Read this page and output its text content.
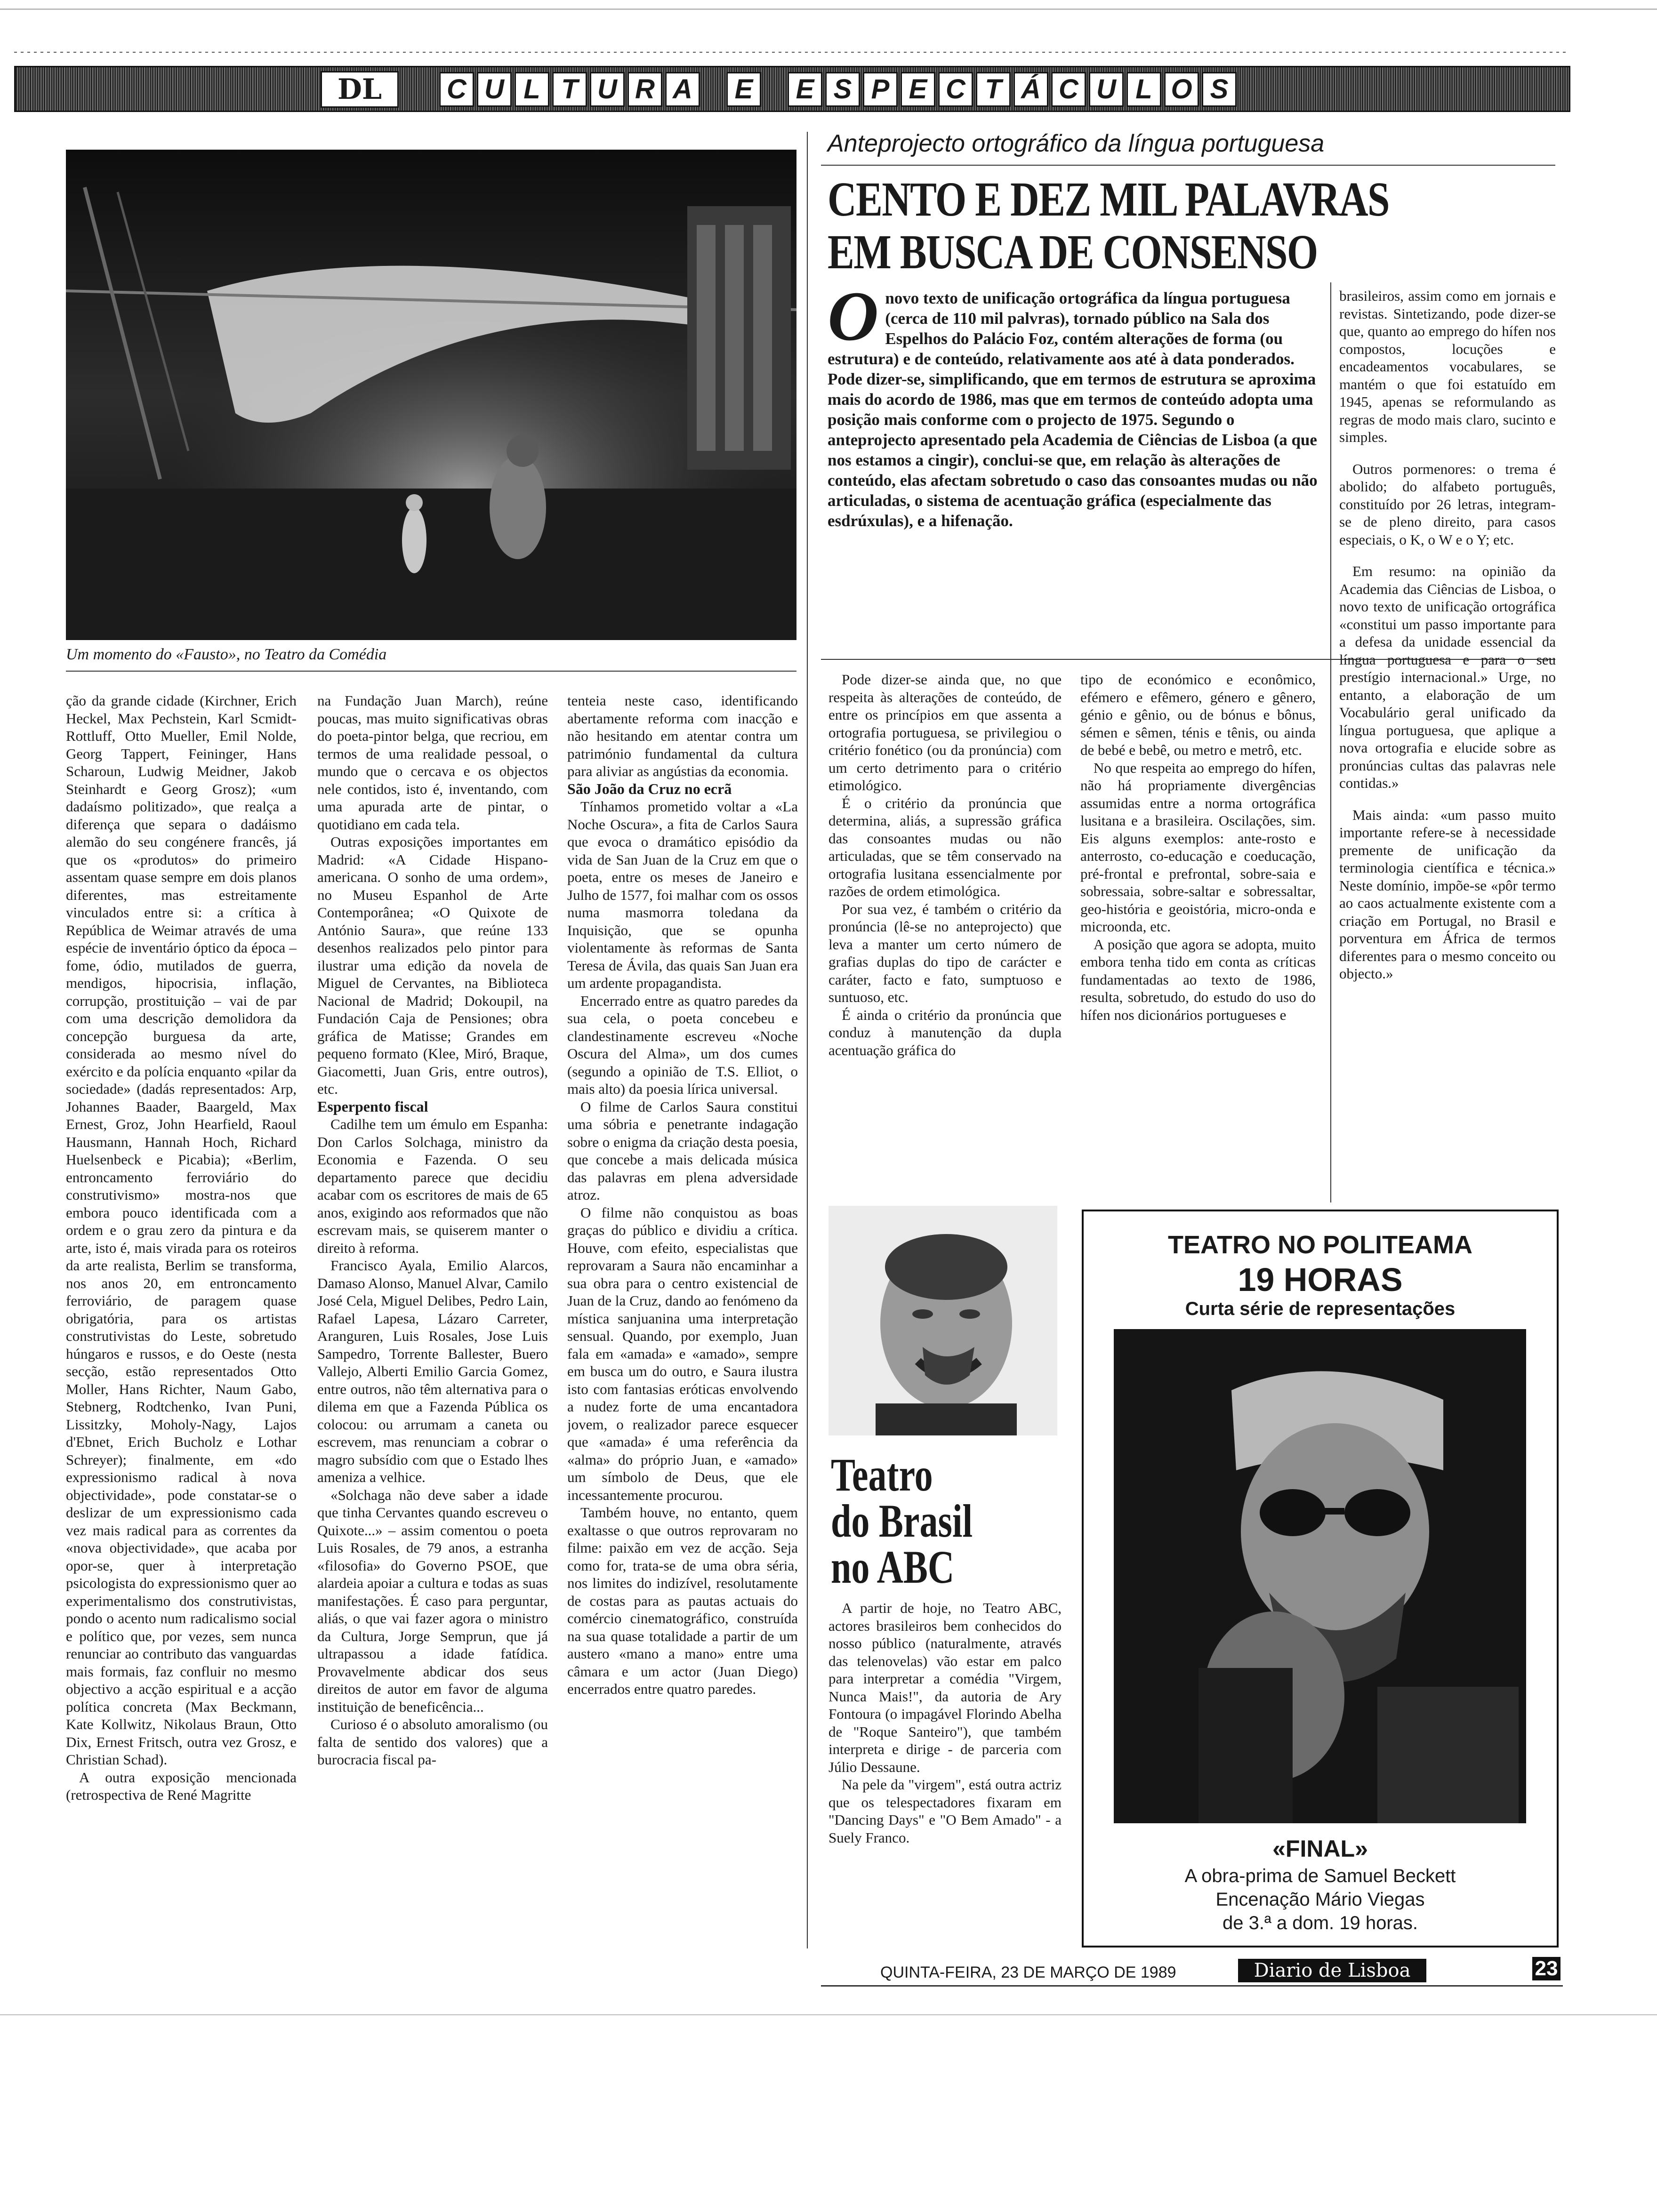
DL	C U L T U R A	E	E S P E C T Á C U L O S
Um momento do «Fausto», no Teatro da Comédia

ção da grande cidade (Kirchner, Erich Heckel, Max Pechstein, Karl Scmidt-Rottluff, Otto Mueller, Emil Nolde, Georg Tappert, Feininger, Hans Scharoun, Ludwig Meidner, Jakob Steinhardt e Georg Grosz); «um dadaísmo politizado», que realça a diferença que separa o dadáismo alemão do seu congénere francês, já que os «produtos» do primeiro assentam quase sempre em dois planos diferentes, mas estreitamente vinculados entre si: a crítica à República de Weimar através de uma espécie de inventário óptico da época – fome, ódio, mutilados de guerra, mendigos, hipocrisia, inflação, corrupção, prostituição – vai de par com uma descrição demolidora da concepção burguesa da arte, considerada ao mesmo nível do exército e da polícia enquanto «pilar da sociedade» (dadás representados: Arp, Johannes Baader, Baargeld, Max Ernest, Groz, John Hearfield, Raoul Hausmann, Hannah Hoch, Richard Huelsenbeck e Picabia); «Berlim, entroncamento ferroviário do construtivismo» mostra-nos que embora pouco identificada com a ordem e o grau zero da pintura e da arte, isto é, mais virada para os roteiros da arte realista, Berlim se transforma, nos anos 20, em entroncamento ferroviário, de paragem quase obrigatória, para os artistas construtivistas do Leste, sobretudo húngaros e russos, e do Oeste (nesta secção, estão representados Otto Moller, Hans Richter, Naum Gabo, Stebnerg, Rodtchenko, Ivan Puni, Lissitzky, Moholy-Nagy, Lajos d'Ebnet, Erich Bucholz e Lothar Schreyer); finalmente, em «do expressionismo radical à nova objectividade», pode constatar-se o deslizar de um expressionismo cada vez mais radical para as correntes da «nova objectividade», que acaba por opor-se, quer à interpretação psicologista do expressionismo quer ao experimentalismo dos construtivistas, pondo o acento num radicalismo social e político que, por vezes, sem nunca renunciar ao contributo das vanguardas mais formais, faz confluir no mesmo objectivo a acção espiritual e a acção política concreta (Max Beckmann, Kate Kollwitz, Nikolaus Braun, Otto Dix, Ernest Fritsch, outra vez Grosz, e Christian Schad).

A outra exposição mencionada (retrospectiva de René Magritte

na Fundação Juan March), reúne poucas, mas muito significativas obras do poeta-pintor belga, que recriou, em termos de uma realidade pessoal, o mundo que o cercava e os objectos nele contidos, isto é, inventando, com uma apurada arte de pintar, o quotidiano em cada tela.

Outras exposições importantes em Madrid: «A Cidade Hispano-americana. O sonho de uma ordem», no Museu Espanhol de Arte Contemporânea; «O Quixote de António Saura», que reúne 133 desenhos realizados pelo pintor para ilustrar uma edição da novela de Miguel de Cervantes, na Biblioteca Nacional de Madrid; Dokoupil, na Fundación Caja de Pensiones; obra gráfica de Matisse; Grandes em pequeno formato (Klee, Miró, Braque, Giacometti, Juan Gris, entre outros), etc.

Esperpento fiscal

Cadilhe tem um émulo em Espanha: Don Carlos Solchaga, ministro da Economia e Fazenda. O seu departamento parece que decidiu acabar com os escritores de mais de 65 anos, exigindo aos reformados que não escrevam mais, se quiserem manter o direito à reforma.

Francisco Ayala, Emilio Alarcos, Damaso Alonso, Manuel Alvar, Camilo José Cela, Miguel Delibes, Pedro Lain, Rafael Lapesa, Lázaro Carreter, Aranguren, Luis Rosales, Jose Luis Sampedro, Torrente Ballester, Buero Vallejo, Alberti Emilio Garcia Gomez, entre outros, não têm alternativa para o dilema em que a Fazenda Pública os colocou: ou arrumam a caneta ou escrevem, mas renunciam a cobrar o magro subsídio com que o Estado lhes ameniza a velhice.

«Solchaga não deve saber a idade que tinha Cervantes quando escreveu o Quixote...» – assim comentou o poeta Luis Rosales, de 79 anos, a estranha «filosofia» do Governo PSOE, que alardeia apoiar a cultura e todas as suas manifestações. É caso para perguntar, aliás, o que vai fazer agora o ministro da Cultura, Jorge Semprun, que já ultrapassou a idade fatídica. Provavelmente abdicar dos seus direitos de autor em favor de alguma instituição de beneficência...

Curioso é o absoluto amoralismo (ou falta de sentido dos valores) que a burocracia fiscal pa-

tenteia neste caso, identificando abertamente reforma com inacção e não hesitando em atentar contra um património fundamental da cultura para aliviar as angústias da economia.

São João da Cruz no ecrã

Tínhamos prometido voltar a «La Noche Oscura», a fita de Carlos Saura que evoca o dramático episódio da vida de San Juan de la Cruz em que o poeta, entre os meses de Janeiro e Julho de 1577, foi malhar com os ossos numa masmorra toledana da Inquisição, que se opunha violentamente às reformas de Santa Teresa de Ávila, das quais San Juan era um ardente propagandista.

Encerrado entre as quatro paredes da sua cela, o poeta concebeu e clandestinamente escreveu «Noche Oscura del Alma», um dos cumes (segundo a opinião de T.S. Elliot, o mais alto) da poesia lírica universal.

O filme de Carlos Saura constitui uma sóbria e penetrante indagação sobre o enigma da criação desta poesia, que concebe a mais delicada música das palavras em plena adversidade atroz.

O filme não conquistou as boas graças do público e dividiu a crítica. Houve, com efeito, especialistas que reprovaram a Saura não encaminhar a sua obra para o centro existencial de Juan de la Cruz, dando ao fenómeno da mística sanjuanina uma interpretação sensual. Quando, por exemplo, Juan fala em «amada» e «amado», sempre em busca um do outro, e Saura ilustra isto com fantasias eróticas envolvendo a nudez forte de uma encantadora jovem, o realizador parece esquecer que «amada» é uma referência da «alma» do próprio Juan, e «amado» um símbolo de Deus, que ele incessantemente procurou.

Também houve, no entanto, quem exaltasse o que outros reprovaram no filme: paixão em vez de acção. Seja como for, trata-se de uma obra séria, nos limites do indizível, resolutamente de costas para as pautas actuais do comércio cinematográfico, construída na sua quase totalidade a partir de um austero «mano a mano» entre uma câmara e um actor (Juan Diego) encerrados entre quatro paredes.

Anteprojecto ortográfico da língua portuguesa
CENTO E DEZ MIL PALAVRAS
EM BUSCA DE CONSENSO
O novo texto de unificação ortográfica da língua portuguesa (cerca de 110 mil palvras), tornado público na Sala dos Espelhos do Palácio Foz, contém alterações de forma (ou estrutura) e de conteúdo, relativamente aos até à data ponderados. Pode dizer-se, simplificando, que em termos de estrutura se aproxima mais do acordo de 1986, mas que em termos de conteúdo adopta uma posição mais conforme com o projecto de 1975. Segundo o anteprojecto apresentado pela Academia de Ciências de Lisboa (a que nos estamos a cingir), conclui-se que, em relação às alterações de conteúdo, elas afectam sobretudo o caso das consoantes mudas ou não articuladas, o sistema de acentuação gráfica (especialmente das esdrúxulas), e a hifenação.

Pode dizer-se ainda que, no que respeita às alterações de conteúdo, de entre os princípios em que assenta a ortografia portuguesa, se privilegiou o critério fonético (ou da pronúncia) com um certo detrimento para o critério etimológico.

É o critério da pronúncia que determina, aliás, a supressão gráfica das consoantes mudas ou não articuladas, que se têm conservado na ortografia lusitana essencialmente por razões de ordem etimológica.

Por sua vez, é também o critério da pronúncia (lê-se no anteprojecto) que leva a manter um certo número de grafias duplas do tipo de carácter e caráter, facto e fato, sumptuoso e suntuoso, etc.

É ainda o critério da pronúncia que conduz à manutenção da dupla acentuação gráfica do

tipo de económico e econômico, efémero e efêmero, género e gênero, génio e gênio, ou de bónus e bônus, sémen e sêmen, ténis e tênis, ou ainda de bebé e bebê, ou metro e metrô, etc.

No que respeita ao emprego do hífen, não há propriamente divergências assumidas entre a norma ortográfica lusitana e a brasileira. Oscilações, sim. Eis alguns exemplos: ante-rosto e anterrosto, co-educação e coeducação, pré-frontal e prefrontal, sobre-saia e sobressaia, sobre-saltar e sobressaltar, geo-história e geoistória, micro-onda e microonda, etc.

A posição que agora se adopta, muito embora tenha tido em conta as críticas fundamentadas ao texto de 1986, resulta, sobretudo, do estudo do uso do hífen nos dicionários portugueses e

brasileiros, assim como em jornais e revistas. Sintetizando, pode dizer-se que, quanto ao emprego do hífen nos compostos, locuções e encadeamentos vocabulares, se mantém o que foi estatuído em 1945, apenas se reformulando as regras de modo mais claro, sucinto e simples.

Outros pormenores: o trema é abolido; do alfabeto português, constituído por 26 letras, integram-se de pleno direito, para casos especiais, o K, o W e o Y; etc.

Em resumo: na opinião da Academia das Ciências de Lisboa, o novo texto de unificação ortográfica «constitui um passo importante para a defesa da unidade essencial da língua portuguesa e para o seu prestígio internacional.» Urge, no entanto, a elaboração de um Vocabulário geral unificado da língua portuguesa, que aplique a nova ortografia e elucide sobre as pronúncias cultas das palavras nele contidas.»

Mais ainda: «um passo muito importante refere-se à necessidade premente de unificação da terminologia científica e técnica.» Neste domínio, impõe-se «pôr termo ao caos actualmente existente com a criação em Portugal, no Brasil e porventura em África de termos diferentes para o mesmo conceito ou objecto.»

Teatro
do Brasil
no ABC

A partir de hoje, no Teatro ABC, actores brasileiros bem conhecidos do nosso público (naturalmente, através das telenovelas) vão estar em palco para interpretar a comédia "Virgem, Nunca Mais!", da autoria de Ary Fontoura (o impagável Florindo Abelha de "Roque Santeiro"), que também interpreta e dirige - de parceria com Júlio Dessaune.

Na pele da "virgem", está outra actriz que os telespectadores fixaram em "Dancing Days" e "O Bem Amado" - a Suely Franco.

TEATRO NO POLITEAMA
19 HORAS
Curta série de representações
«FINAL»
A obra-prima de Samuel Beckett
Encenação Mário Viegas
de 3.ª a dom. 19 horas.
QUINTA-FEIRA, 23 DE MARÇO DE 1989	Diario de Lisboa	23
